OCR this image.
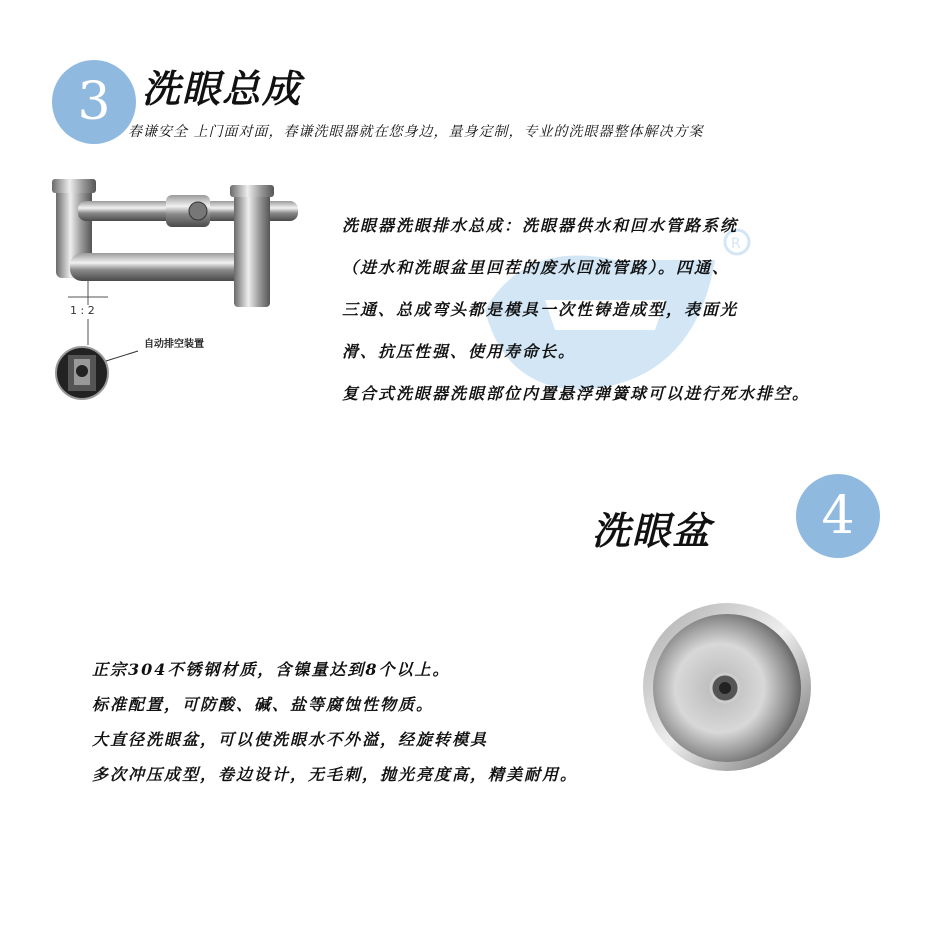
3 洗眼总成
春谦安全 上门面对面，春谦洗眼器就在您身边，量身定制，专业的洗眼器整体解决方案
1 : 2
自动排空装置
R
洗眼器洗眼排水总成：洗眼器供水和回水管路系统
（进水和洗眼盆里回茬的废水回流管路）。四通、
三通、总成弯头都是模具一次性铸造成型，表面光
滑、抗压性强、使用寿命长。
复合式洗眼器洗眼部位内置悬浮弹簧球可以进行死水排空。
洗眼盆	4
正宗304不锈钢材质，含镍量达到8个以上。
标准配置，可防酸、碱、盐等腐蚀性物质。
大直径洗眼盆，可以使洗眼水不外溢，经旋转模具
多次冲压成型，卷边设计，无毛刺，抛光亮度高，精美耐用。
